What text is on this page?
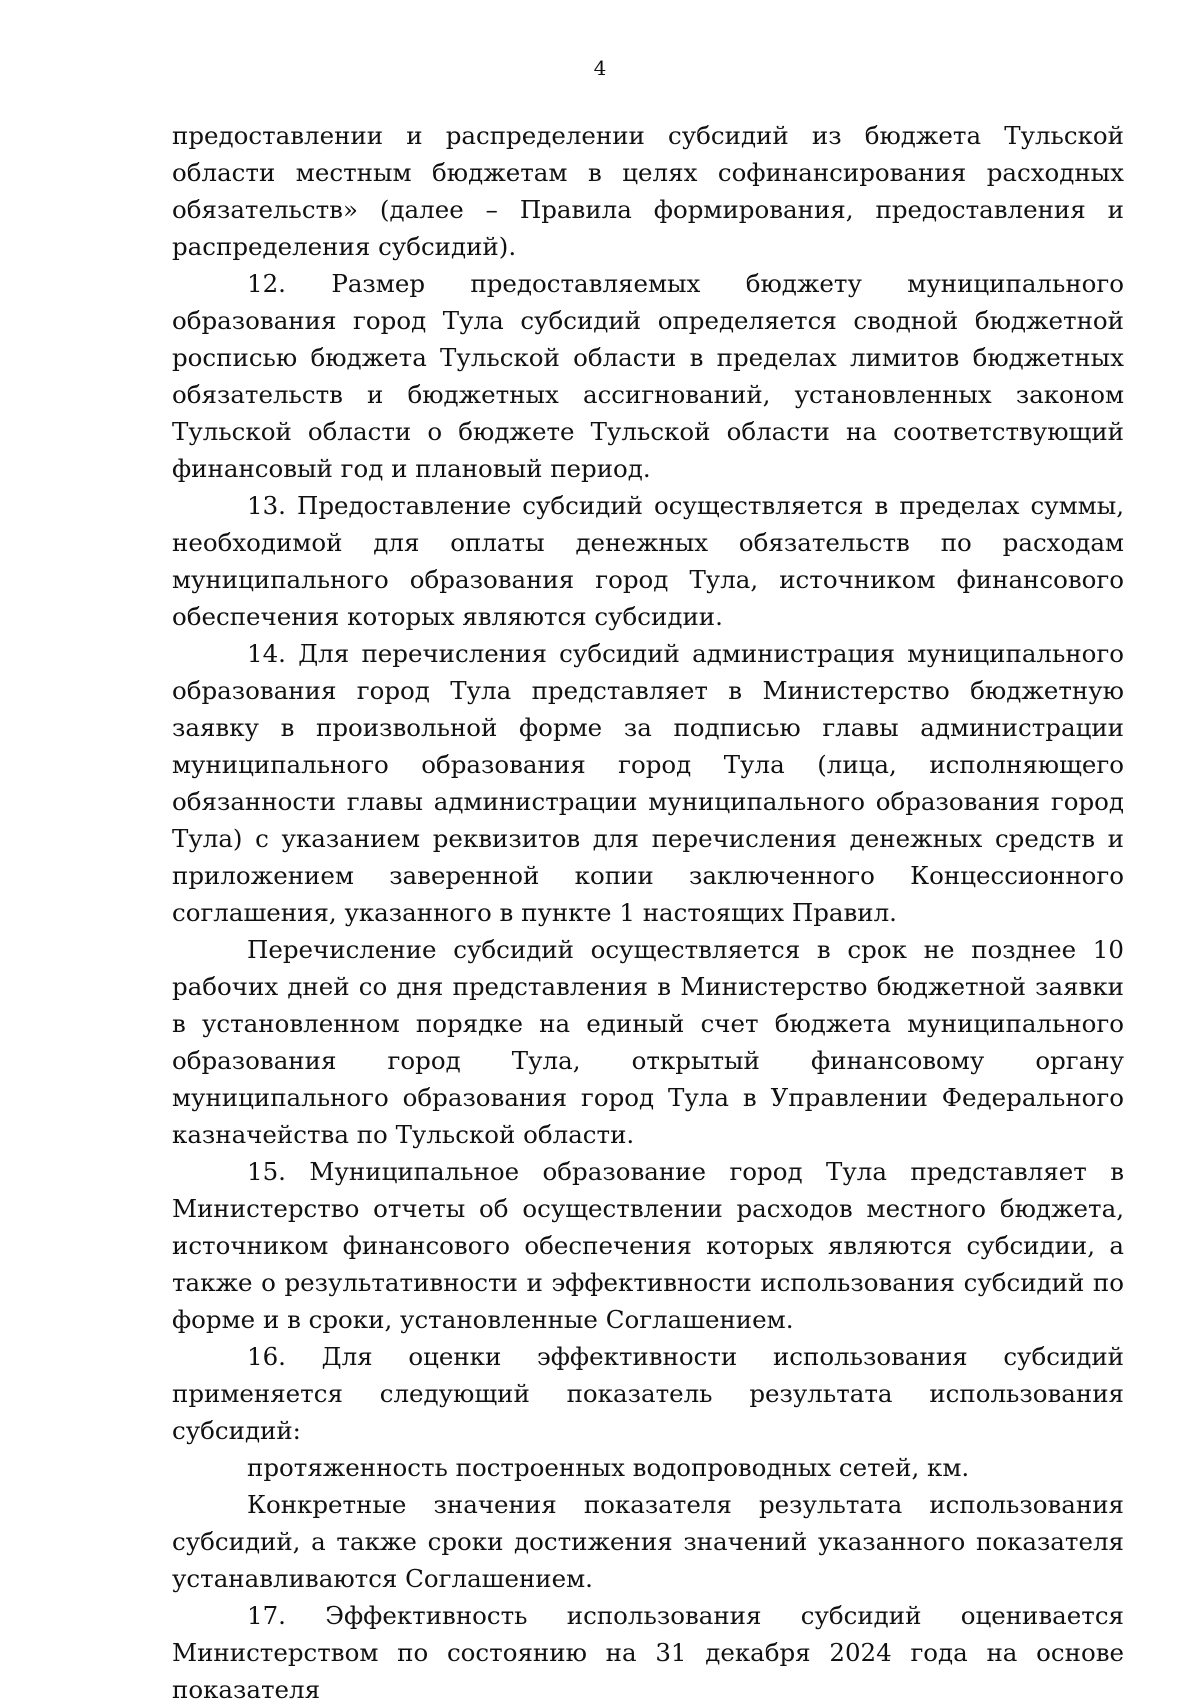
4

предоставлении и распределении субсидий из бюджета Тульской области местным бюджетам в целях софинансирования расходных обязательств» (далее – Правила формирования, предоставления и распределения субсидий).

12. Размер предоставляемых бюджету муниципального образования город Тула субсидий определяется сводной бюджетной росписью бюджета Тульской области в пределах лимитов бюджетных обязательств и бюджетных ассигнований, установленных законом Тульской области о бюджете Тульской области на соответствующий финансовый год и плановый период.

13. Предоставление субсидий осуществляется в пределах суммы, необходимой для оплаты денежных обязательств по расходам муниципального образования город Тула, источником финансового обеспечения которых являются субсидии.

14. Для перечисления субсидий администрация муниципального образования город Тула представляет в Министерство бюджетную заявку в произвольной форме за подписью главы администрации муниципального образования город Тула (лица, исполняющего обязанности главы администрации муниципального образования город Тула) с указанием реквизитов для перечисления денежных средств и приложением заверенной копии заключенного Концессионного соглашения, указанного в пункте 1 настоящих Правил.

Перечисление субсидий осуществляется в срок не позднее 10 рабочих дней со дня представления в Министерство бюджетной заявки в установленном порядке на единый счет бюджета муниципального образования город Тула, открытый финансовому органу муниципального образования город Тула в Управлении Федерального казначейства по Тульской области.

15. Муниципальное образование город Тула представляет в Министерство отчеты об осуществлении расходов местного бюджета, источником финансового обеспечения которых являются субсидии, а также о результативности и эффективности использования субсидий по форме и в сроки, установленные Соглашением.

16. Для оценки эффективности использования субсидий применяется следующий показатель результата использования субсидий:

протяженность построенных водопроводных сетей, км.

Конкретные значения показателя результата использования субсидий, а также сроки достижения значений указанного показателя устанавливаются Соглашением.

17. Эффективность использования субсидий оценивается Министерством по состоянию на 31 декабря 2024 года на основе показателя
